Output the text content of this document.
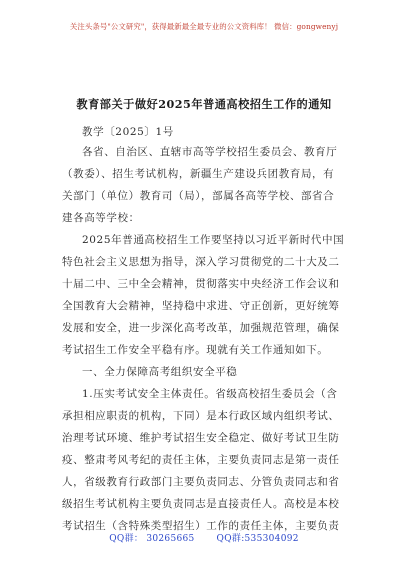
关注头条号"公文研究"，获得最新最全最专业的公文资料库！ 微信：gongwenyj
教育部关于做好2025年普通高校招生工作的通知
教学〔2025〕1号
各省、自治区、直辖市高等学校招生委员会、教育厅
（教委）、招生考试机构，新疆生产建设兵团教育局，有
关部门（单位）教育司（局），部属各高等学校、部省合
建各高等学校：
2025年普通高校招生工作要坚持以习近平新时代中国
特色社会主义思想为指导，深入学习贯彻党的二十大及二
十届二中、三中全会精神，贯彻落实中央经济工作会议和
全国教育大会精神，坚持稳中求进、守正创新，更好统筹
发展和安全，进一步深化高考改革，加强规范管理，确保
考试招生工作安全平稳有序。现就有关工作通知如下。
一、全力保障高考组织安全平稳
1.压实考试安全主体责任。省级高校招生委员会（含
承担相应职责的机构，下同）是本行政区域内组织考试、
治理考试环境、维护考试招生安全稳定、做好考试卫生防
疫、整肃考风考纪的责任主体，主要负责同志是第一责任
人，省级教育行政部门主要负责同志、分管负责同志和省
级招生考试机构主要负责同志是直接责任人。高校是本校
考试招生（含特殊类型招生）工作的责任主体，主要负责
QQ群： 30265665 QQ群:535304092
